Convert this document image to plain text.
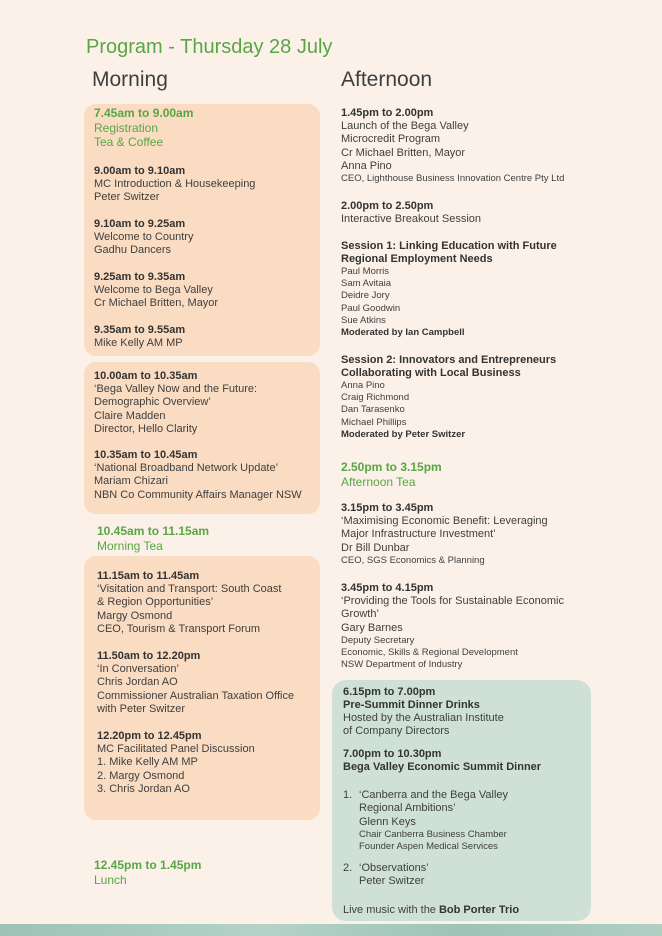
Program - Thursday 28 July
Morning	Afternoon
7.45am to 9.00am
Registration
Tea & Coffee
9.00am to 9.10am
MC Introduction & Housekeeping
Peter Switzer
9.10am to 9.25am
Welcome to Country
Gadhu Dancers
9.25am to 9.35am
Welcome to Bega Valley
Cr Michael Britten, Mayor
9.35am to 9.55am
Mike Kelly AM MP
10.00am to 10.35am
‘Bega Valley Now and the Future:
Demographic Overview’
Claire Madden
Director, Hello Clarity
10.35am to 10.45am
‘National Broadband Network Update’
Mariam Chizari
NBN Co Community Affairs Manager NSW
10.45am to 11.15am
Morning Tea
11.15am to 11.45am
‘Visitation and Transport: South Coast
& Region Opportunities’
Margy Osmond
CEO, Tourism & Transport Forum
11.50am to 12.20pm
‘In Conversation’
Chris Jordan AO
Commissioner Australian Taxation Office
with Peter Switzer
12.20pm to 12.45pm
MC Facilitated Panel Discussion
1. Mike Kelly AM MP
2. Margy Osmond
3. Chris Jordan AO
12.45pm to 1.45pm
Lunch
1.45pm to 2.00pm
Launch of the Bega Valley
Microcredit Program
Cr Michael Britten, Mayor
Anna Pino
CEO, Lighthouse Business Innovation Centre Pty Ltd
2.00pm to 2.50pm
Interactive Breakout Session
Session 1: Linking Education with Future
Regional Employment Needs
Paul Morris
Sam Avitaia
Deidre Jory
Paul Goodwin
Sue Atkins
Moderated by Ian Campbell
Session 2: Innovators and Entrepreneurs
Collaborating with Local Business
Anna Pino
Craig Richmond
Dan Tarasenko
Michael Phillips
Moderated by Peter Switzer
2.50pm to 3.15pm
Afternoon Tea
3.15pm to 3.45pm
‘Maximising Economic Benefit: Leveraging
Major Infrastructure Investment’
Dr Bill Dunbar
CEO, SGS Economics & Planning
3.45pm to 4.15pm
‘Providing the Tools for Sustainable Economic
Growth’
Gary Barnes
Deputy Secretary
Economic, Skills & Regional Development
NSW Department of Industry
6.15pm to 7.00pm
Pre-Summit Dinner Drinks
Hosted by the Australian Institute
of Company Directors
7.00pm to 10.30pm
Bega Valley Economic Summit Dinner
1. ‘Canberra and the Bega Valley
Regional Ambitions’
Glenn Keys
Chair Canberra Business Chamber
Founder Aspen Medical Services
2. ‘Observations’
Peter Switzer
Live music with the Bob Porter Trio
